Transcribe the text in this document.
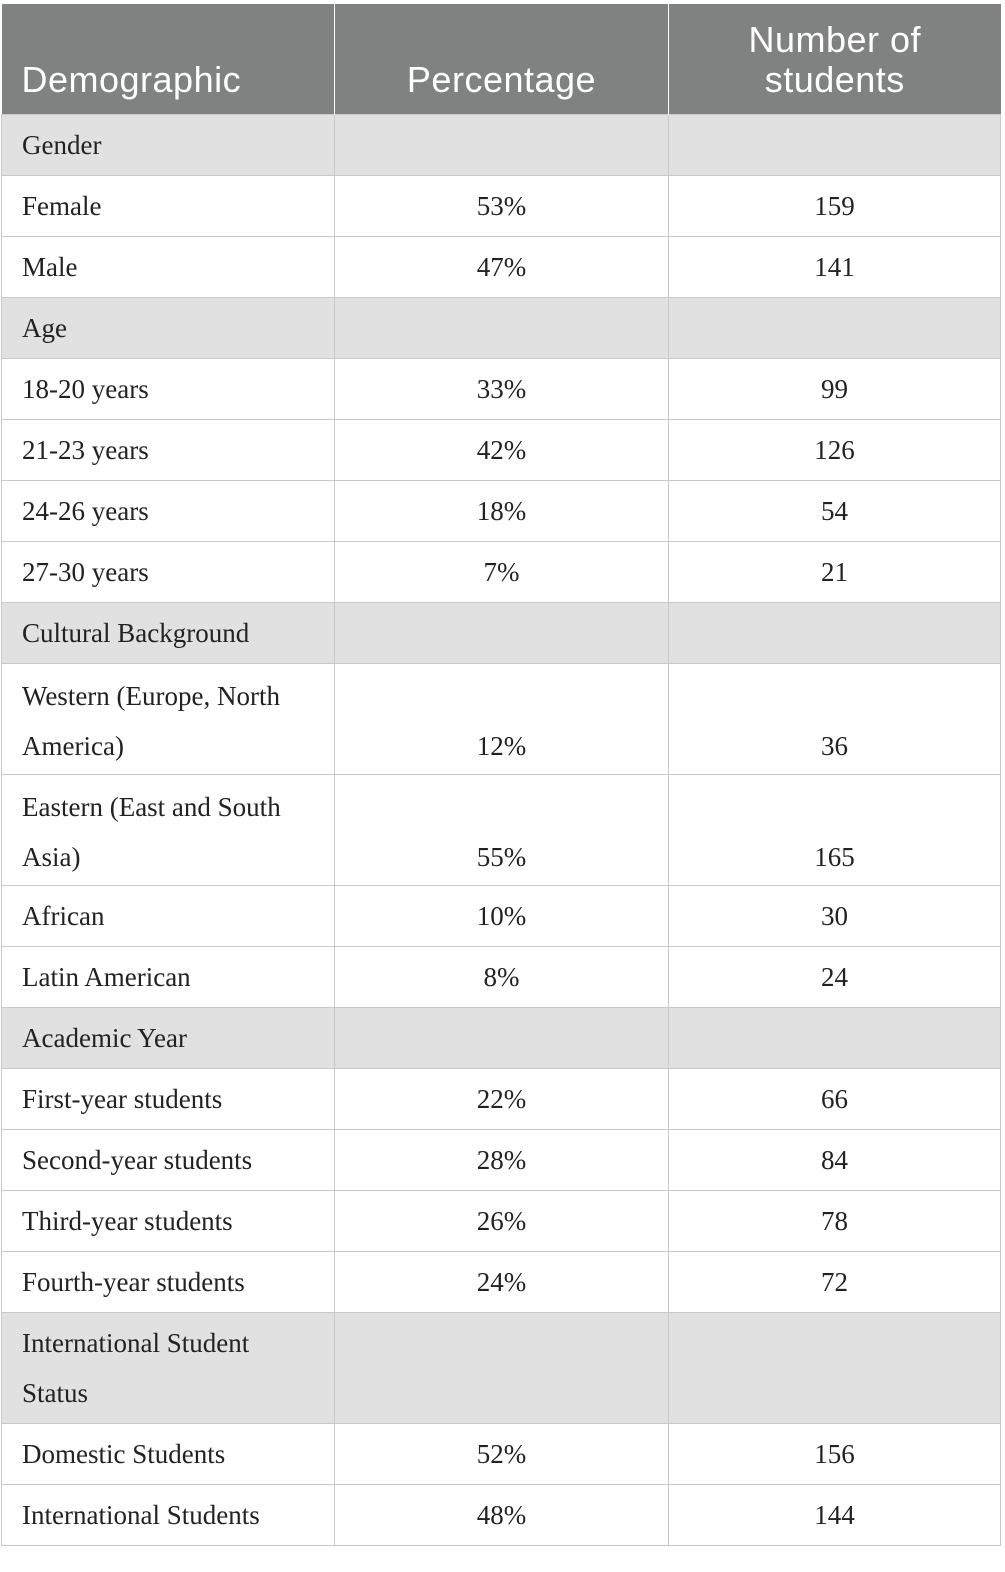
Demographic	Percentage	Number of students
Gender		
Female	53%	159
Male	47%	141
Age		
18-20 years	33%	99
21-23 years	42%	126
24-26 years	18%	54
27-30 years	7%	21
Cultural Background		
Western (Europe, North America)	12%	36
Eastern (East and South Asia)	55%	165
African	10%	30
Latin American	8%	24
Academic Year		
First-year students	22%	66
Second-year students	28%	84
Third-year students	26%	78
Fourth-year students	24%	72
International Student Status		
Domestic Students	52%	156
International Students	48%	144
